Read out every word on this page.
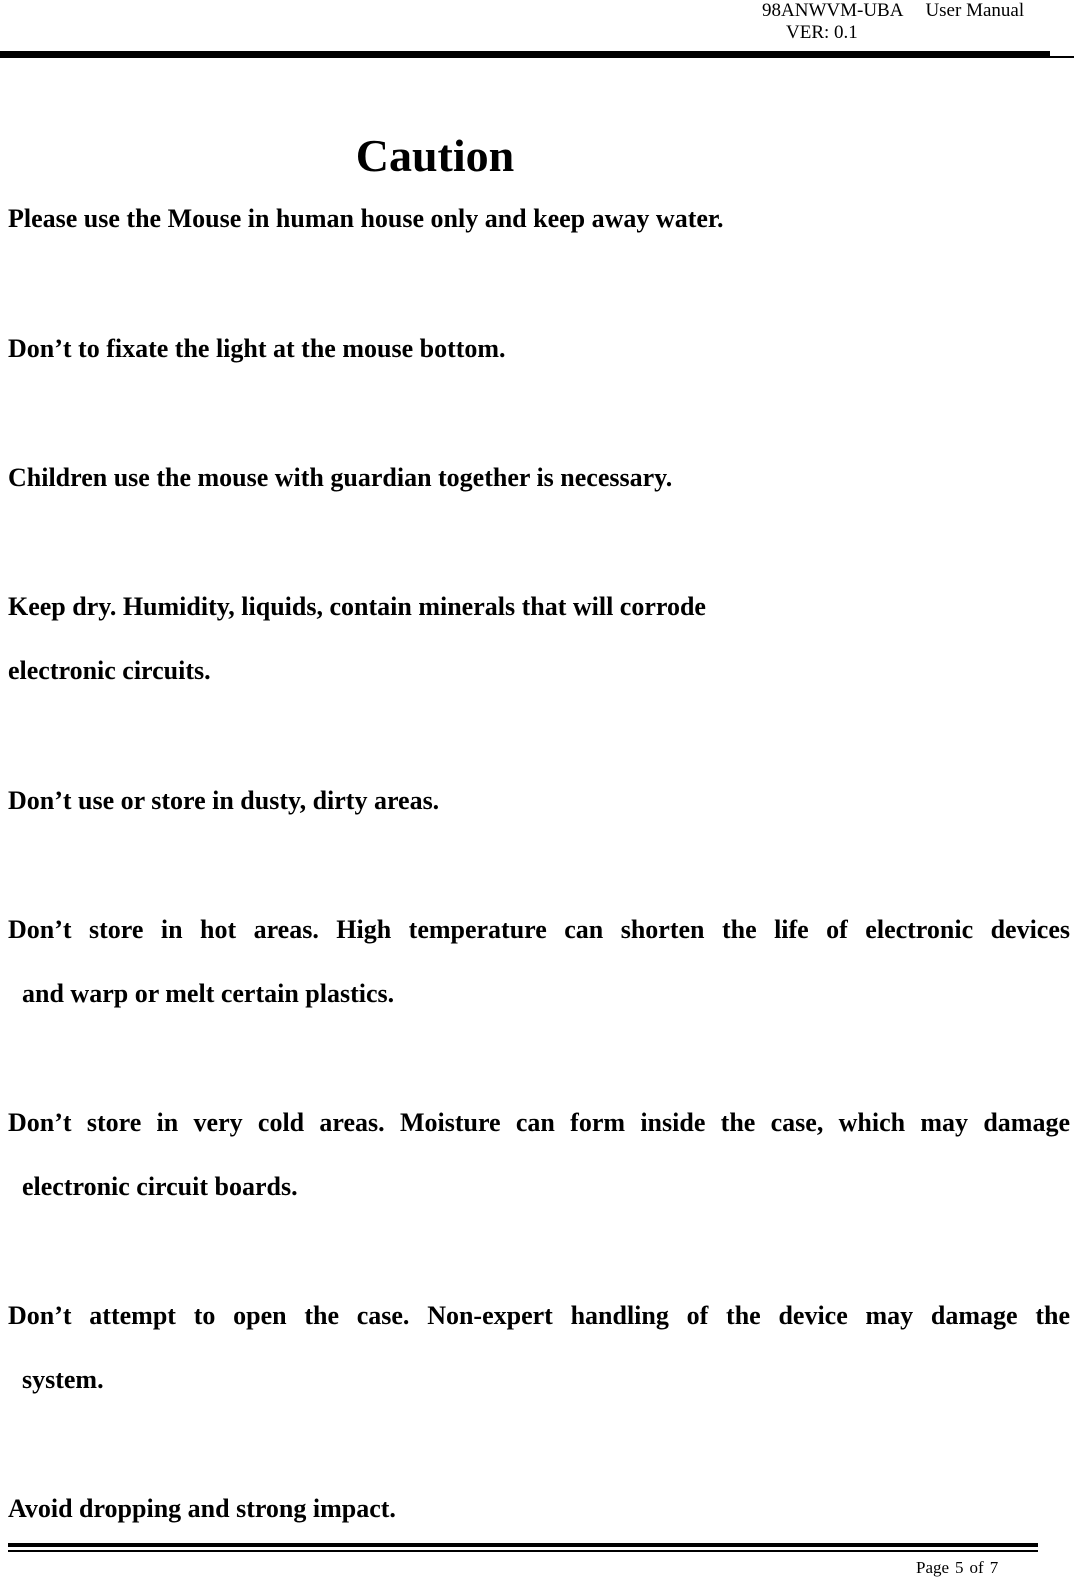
98ANWVM-UBA User Manual
VER: 0.1
Caution
Please use the Mouse in human house only and keep away water.
Don’t to fixate the light at the mouse bottom.
Children use the mouse with guardian together is necessary.
Keep dry. Humidity, liquids, contain minerals that will corrode
electronic circuits.
Don’t use or store in dusty, dirty areas.
Don’t store in hot areas. High temperature can shorten the life of electronic devices
and warp or melt certain plastics.
Don’t store in very cold areas. Moisture can form inside the case, which may damage
electronic circuit boards.
Don’t attempt to open the case. Non-expert handling of the device may damage the
system.
Avoid dropping and strong impact.
Page 5 of 7
